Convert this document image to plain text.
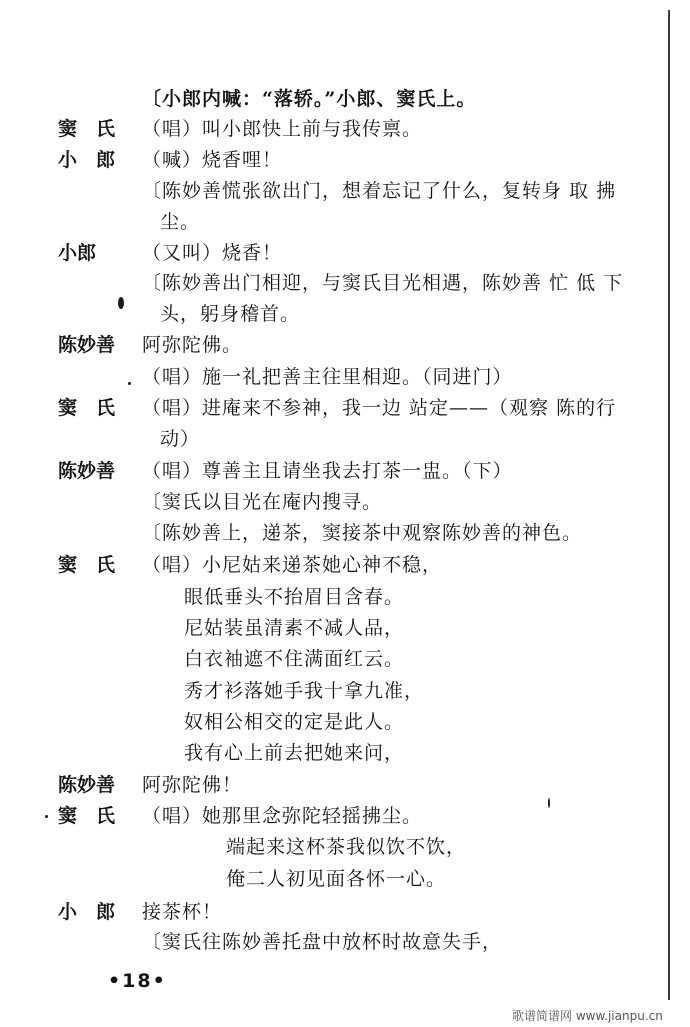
〔小郎内喊：“落轿。”小郎、窦氏上。
窦　氏 （唱）叫小郎快上前与我传禀。
小　郎 （喊）烧香哩！
〔陈妙善慌张欲出门，想着忘记了什么，复转身 取 拂
尘。
小郎 （又叫）烧香！
〔陈妙善出门相迎，与窦氏目光相遇，陈妙善 忙 低 下
头，躬身稽首。
陈妙善 阿弥陀佛。
（唱）施一礼把善主往里相迎。（同进门）
窦　氏 （唱）进庵来不参神，我一边 站定——（观察 陈的行
动）
陈妙善 （唱）尊善主且请坐我去打茶一盅。（下）
〔窦氏以目光在庵内搜寻。
〔陈妙善上，递茶，窦接茶中观察陈妙善的神色。
窦　氏 （唱）小尼姑来递茶她心神不稳，
眼低垂头不抬眉目含春。
尼姑装虽清素不减人品，
白衣袖遮不住满面红云。
秀才衫落她手我十拿九准，
奴相公相交的定是此人。
我有心上前去把她来问，
陈妙善 阿弥陀佛！
窦　氏 （唱）她那里念弥陀轻摇拂尘。
端起来这杯茶我似饮不饮，
俺二人初见面各怀一心。
小　郎 接茶杯！
〔窦氏往陈妙善托盘中放杯时故意失手，
•18•
歌谱简谱网 www.jianpu.cn
